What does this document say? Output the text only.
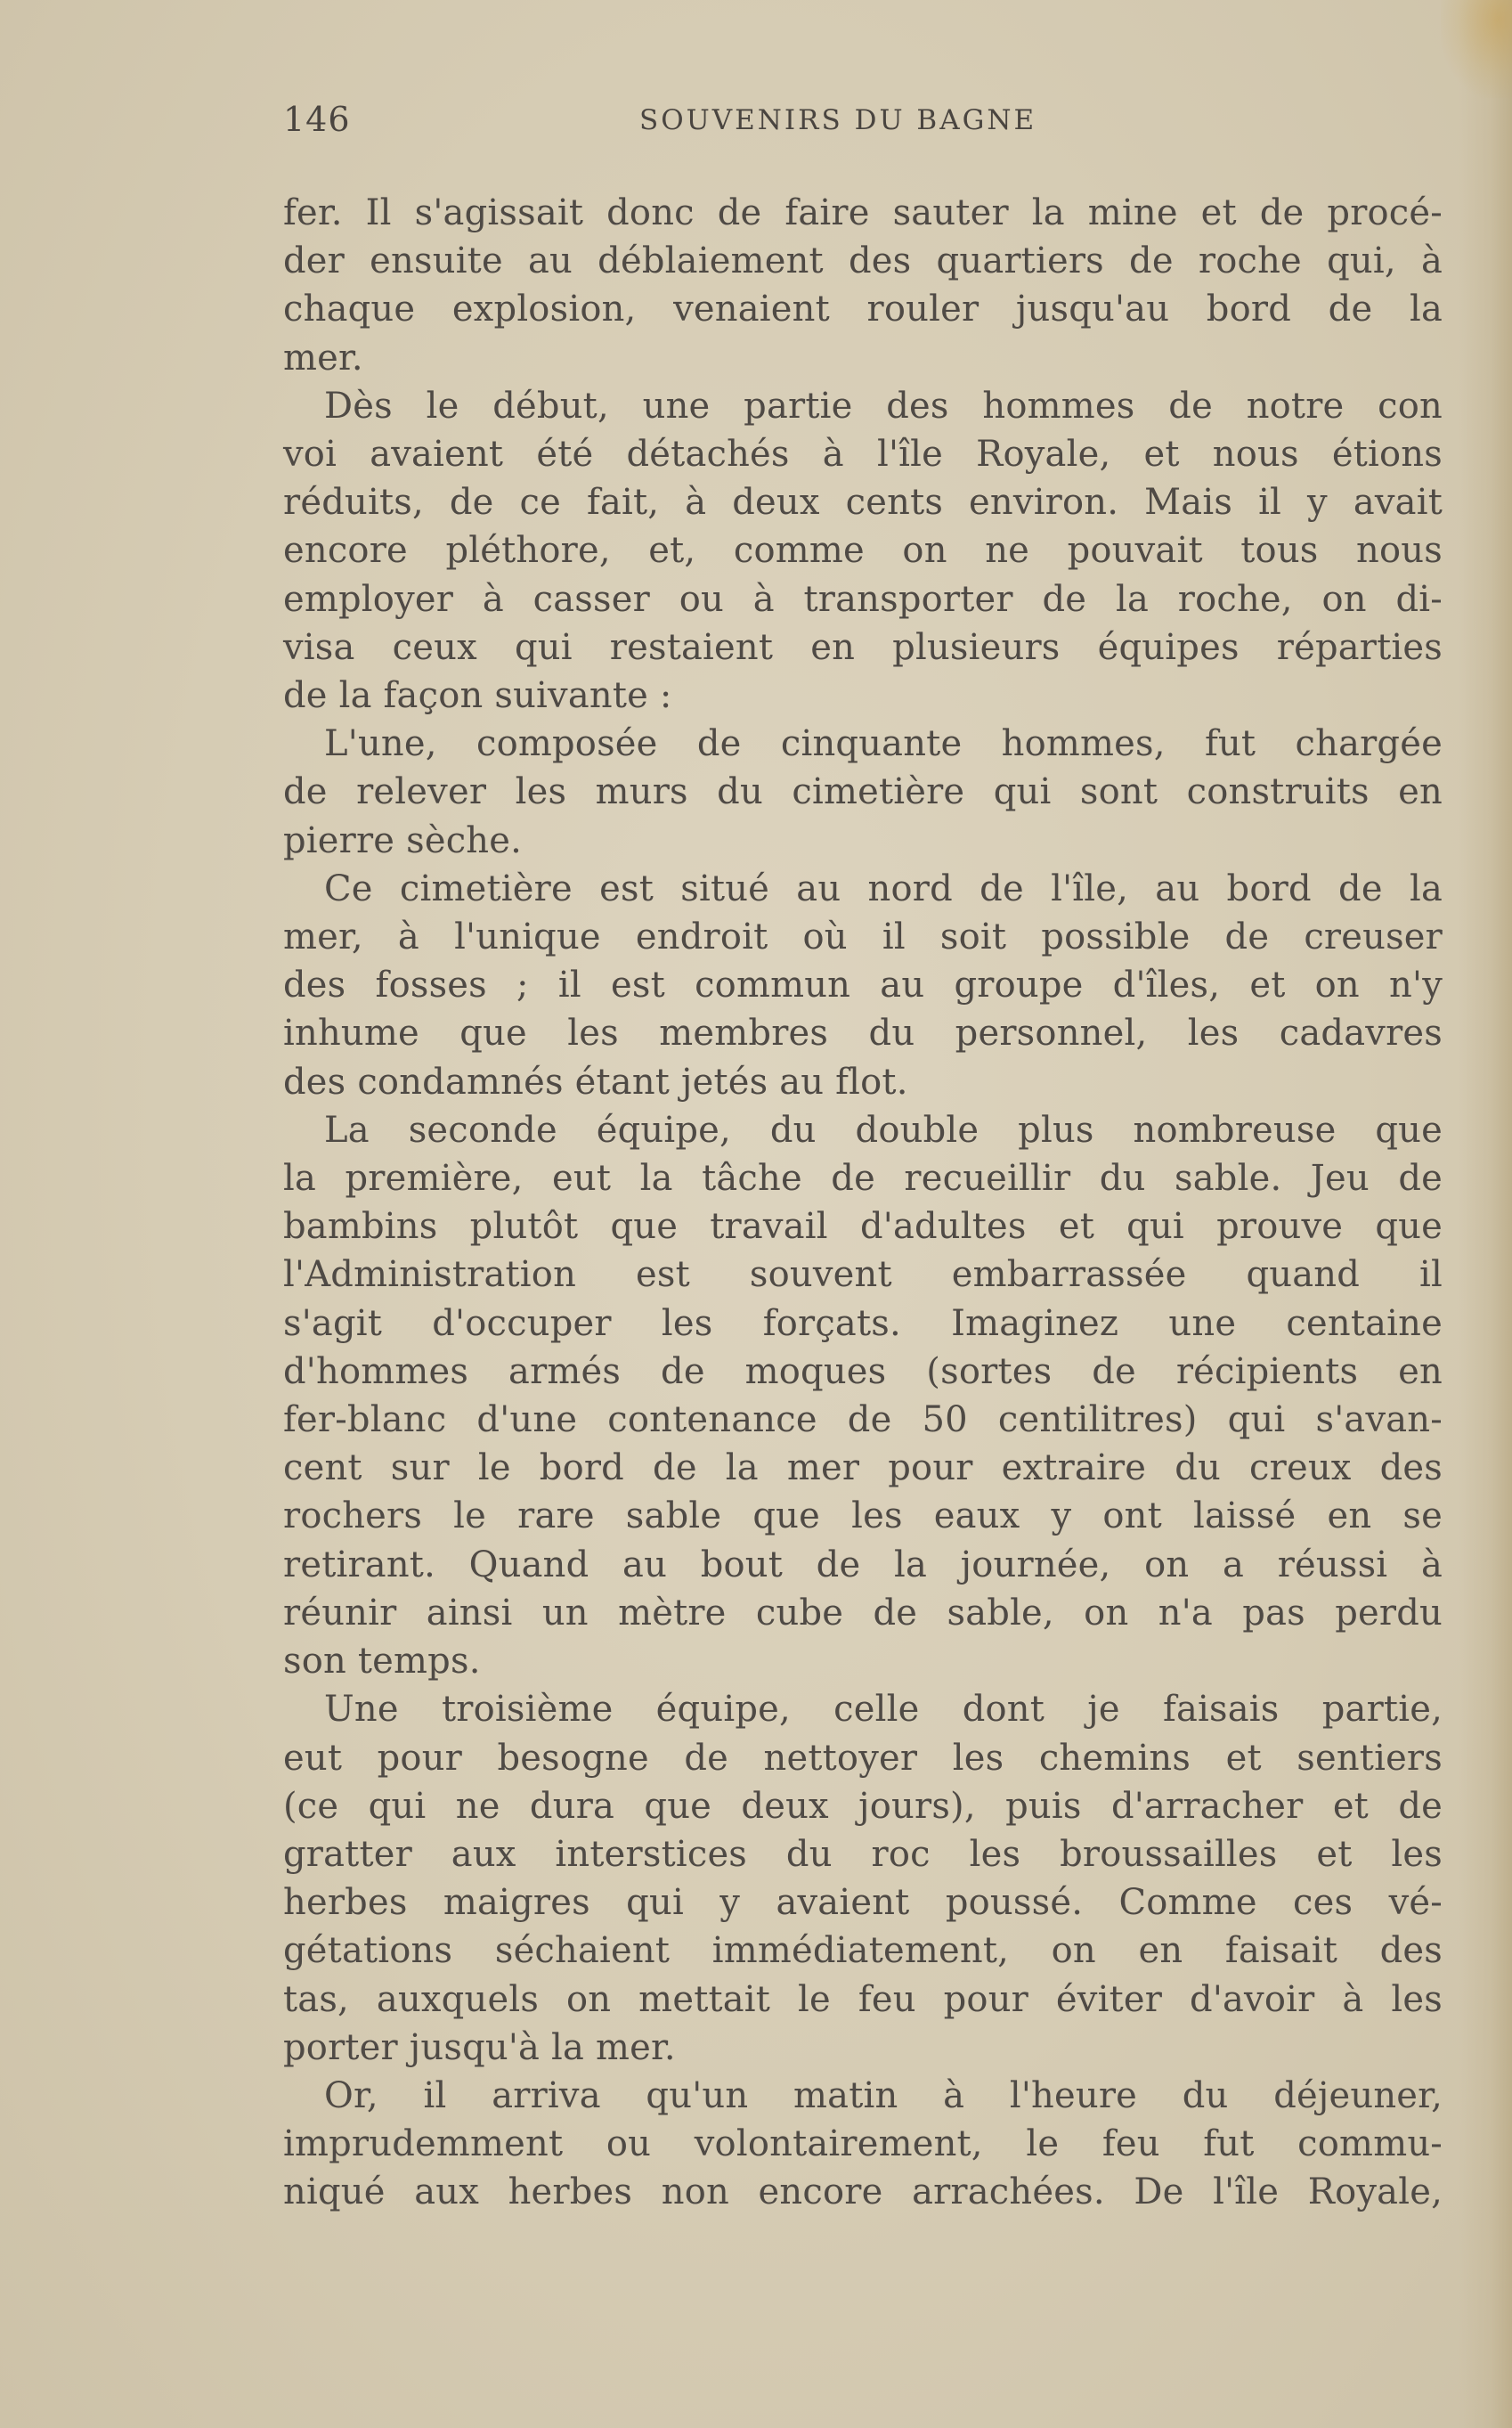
146	SOUVENIRS DU BAGNE
fer. Il s'agissait donc de faire sauter la mine et de procé-
der ensuite au déblaiement des quartiers de roche qui, à
chaque explosion, venaient rouler jusqu'au bord de la
mer.
Dès le début, une partie des hommes de notre con
voi avaient été détachés à l'île Royale, et nous étions
réduits, de ce fait, à deux cents environ. Mais il y avait
encore pléthore, et, comme on ne pouvait tous nous
employer à casser ou à transporter de la roche, on di-
visa ceux qui restaient en plusieurs équipes réparties
de la façon suivante :
L'une, composée de cinquante hommes, fut chargée
de relever les murs du cimetière qui sont construits en
pierre sèche.
Ce cimetière est situé au nord de l'île, au bord de la
mer, à l'unique endroit où il soit possible de creuser
des fosses ; il est commun au groupe d'îles, et on n'y
inhume que les membres du personnel, les cadavres
des condamnés étant jetés au flot.
La seconde équipe, du double plus nombreuse que
la première, eut la tâche de recueillir du sable. Jeu de
bambins plutôt que travail d'adultes et qui prouve que
l'Administration est souvent embarrassée quand il
s'agit d'occuper les forçats. Imaginez une centaine
d'hommes armés de moques (sortes de récipients en
fer-blanc d'une contenance de 50 centilitres) qui s'avan-
cent sur le bord de la mer pour extraire du creux des
rochers le rare sable que les eaux y ont laissé en se
retirant. Quand au bout de la journée, on a réussi à
réunir ainsi un mètre cube de sable, on n'a pas perdu
son temps.
Une troisième équipe, celle dont je faisais partie,
eut pour besogne de nettoyer les chemins et sentiers
(ce qui ne dura que deux jours), puis d'arracher et de
gratter aux interstices du roc les broussailles et les
herbes maigres qui y avaient poussé. Comme ces vé-
gétations séchaient immédiatement, on en faisait des
tas, auxquels on mettait le feu pour éviter d'avoir à les
porter jusqu'à la mer.
Or, il arriva qu'un matin à l'heure du déjeuner,
imprudemment ou volontairement, le feu fut commu-
niqué aux herbes non encore arrachées. De l'île Royale,
